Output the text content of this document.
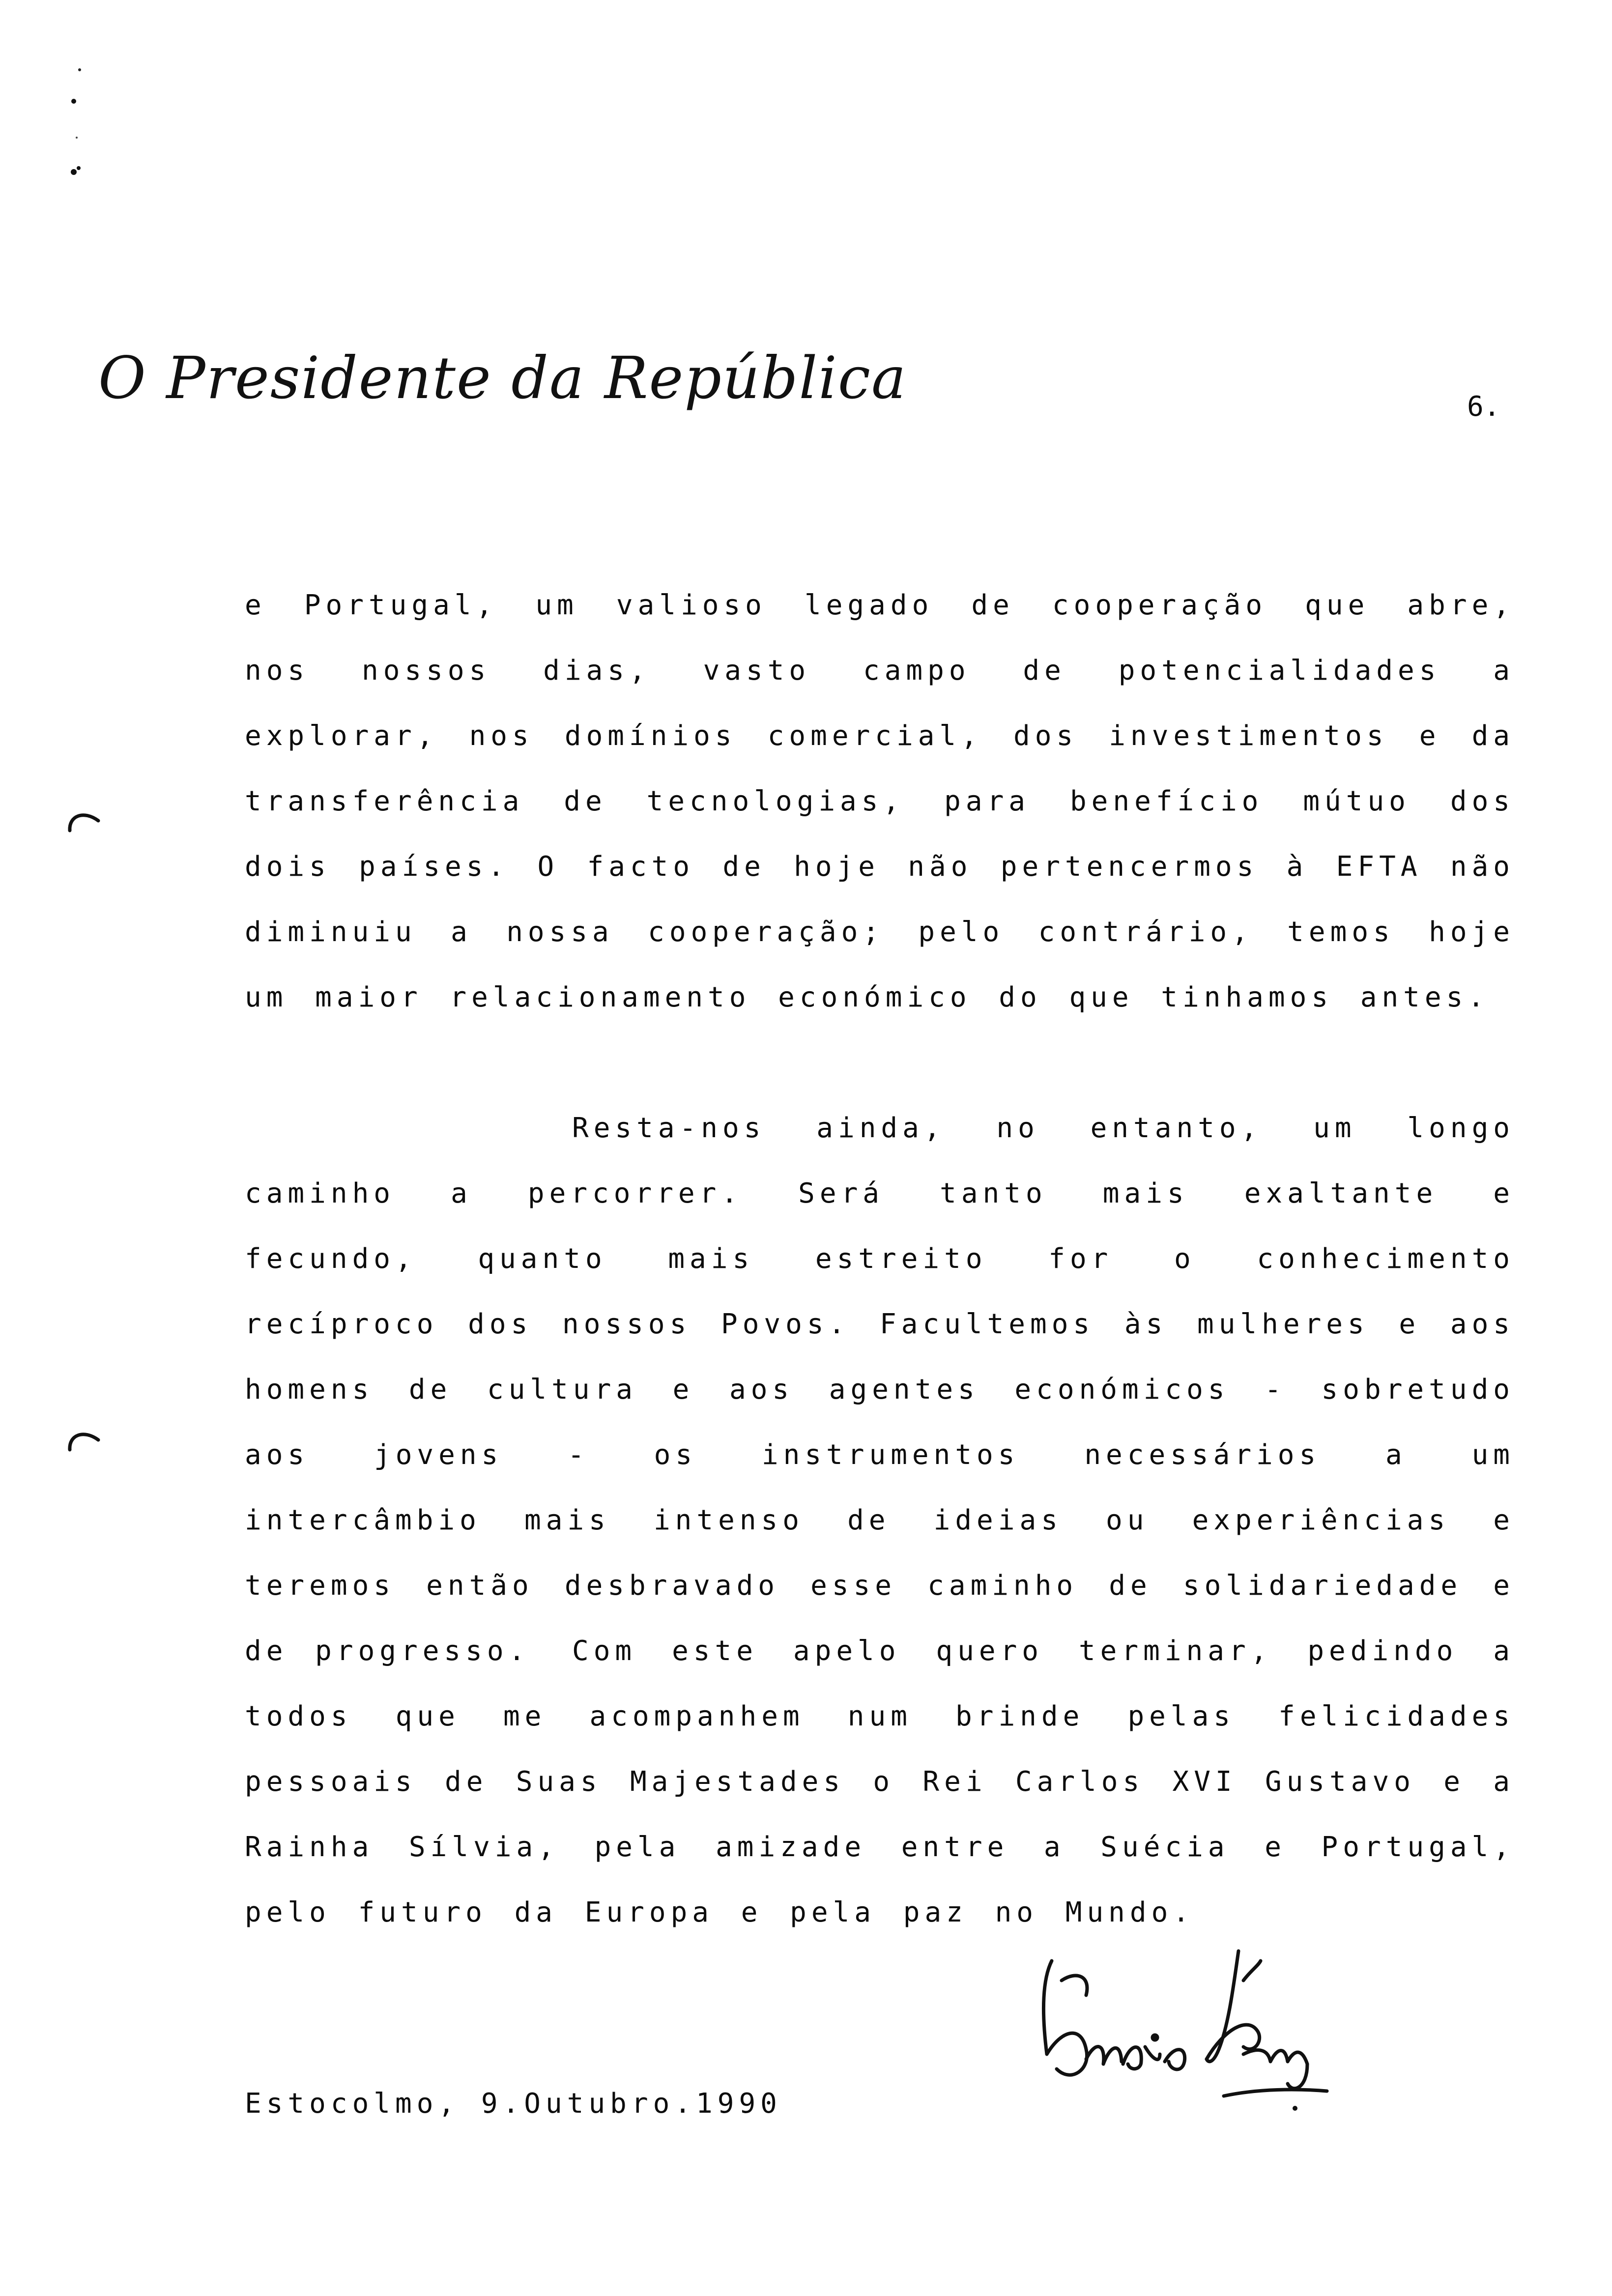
O Presidente da República	6.

e Portugal, um valioso legado de cooperação que abre, nos nossos dias, vasto campo de potencialidades a explorar, nos domínios comercial, dos investimentos e da transferência de tecnologias, para benefício mútuo dos dois países. O facto de hoje não pertencermos à EFTA não diminuiu a nossa cooperação; pelo contrário, temos hoje um maior relacionamento económico do que tinhamos antes.

Resta-nos ainda, no entanto, um longo caminho a percorrer. Será tanto mais exaltante e fecundo, quanto mais estreito for o conhecimento recíproco dos nossos Povos. Facultemos às mulheres e aos homens de cultura e aos agentes económicos - sobretudo aos jovens - os instrumentos necessários a um intercâmbio mais intenso de ideias ou experiências e teremos então desbravado esse caminho de solidariedade e de progresso.	Com este apelo quero terminar, pedindo a todos que me acompanhem num brinde pelas felicidades pessoais de Suas Majestades o Rei Carlos XVI Gustavo e a Rainha Sílvia, pela amizade entre a Suécia e Portugal, pelo futuro da Europa e pela paz no Mundo.

Estocolmo, 9.Outubro.1990
